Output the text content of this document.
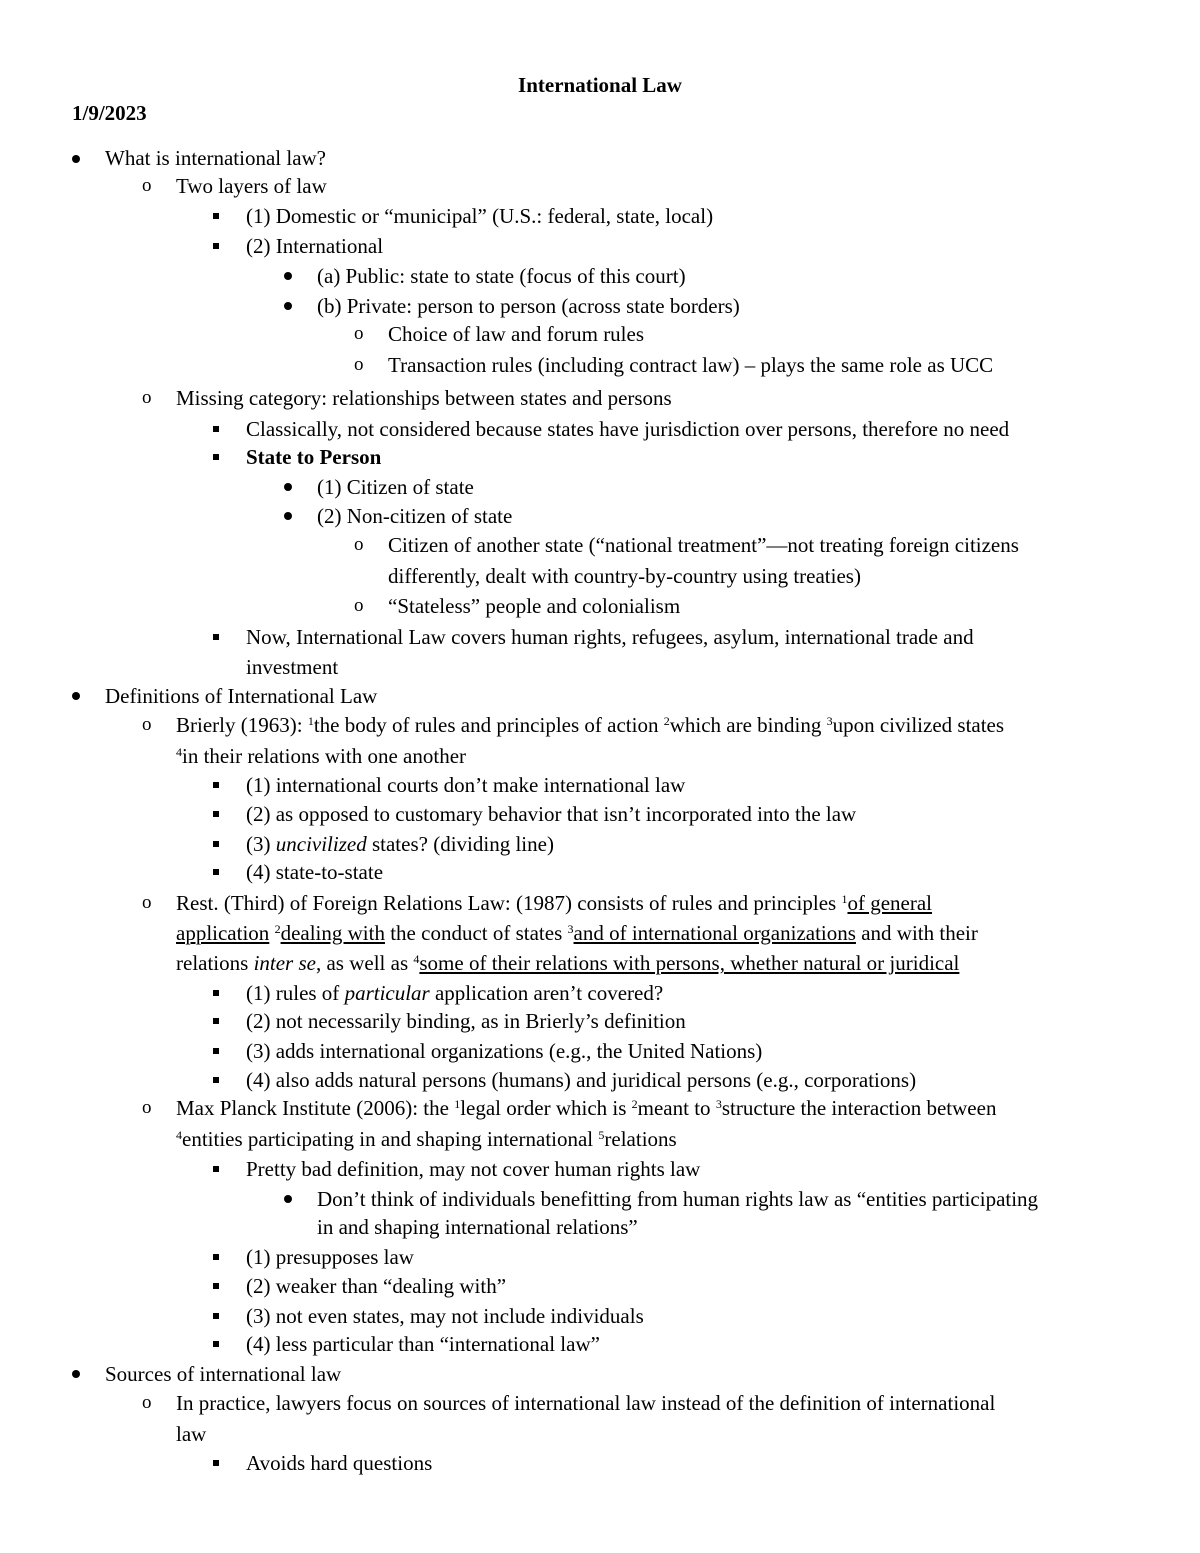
International Law
1/9/2023
What is international law?
o Two layers of law
(1) Domestic or “municipal” (U.S.: federal, state, local)
(2) International
(a) Public: state to state (focus of this court)
(b) Private: person to person (across state borders)
o Choice of law and forum rules
o Transaction rules (including contract law) – plays the same role as UCC
o Missing category: relationships between states and persons
Classically, not considered because states have jurisdiction over persons, therefore no need
State to Person
(1) Citizen of state
(2) Non-citizen of state
o Citizen of another state (“national treatment”—not treating foreign citizens
differently, dealt with country-by-country using treaties)
o “Stateless” people and colonialism
Now, International Law covers human rights, refugees, asylum, international trade and
investment
Definitions of International Law
o Brierly (1963): $^1$the body of rules and principles of action $^2$which are binding $^3$upon civilized states
$^4$in their relations with one another
(1) international courts don’t make international law
(2) as opposed to customary behavior that isn’t incorporated into the law
(3) uncivilized states? (dividing line)
(4) state-to-state
o Rest. (Third) of Foreign Relations Law: (1987) consists of rules and principles $^1$of general
application $^2$dealing with the conduct of states $^3$and of international organizations and with their
relations inter se, as well as $^4$some of their relations with persons, whether natural or juridical
(1) rules of particular application aren’t covered?
(2) not necessarily binding, as in Brierly’s definition
(3) adds international organizations (e.g., the United Nations)
(4) also adds natural persons (humans) and juridical persons (e.g., corporations)
o Max Planck Institute (2006): the $^1$legal order which is $^2$meant to $^3$structure the interaction between
$^4$entities participating in and shaping international $^5$relations
Pretty bad definition, may not cover human rights law
Don’t think of individuals benefitting from human rights law as “entities participating
in and shaping international relations”
(1) presupposes law
(2) weaker than “dealing with”
(3) not even states, may not include individuals
(4) less particular than “international law”
Sources of international law
o In practice, lawyers focus on sources of international law instead of the definition of international
law
Avoids hard questions
